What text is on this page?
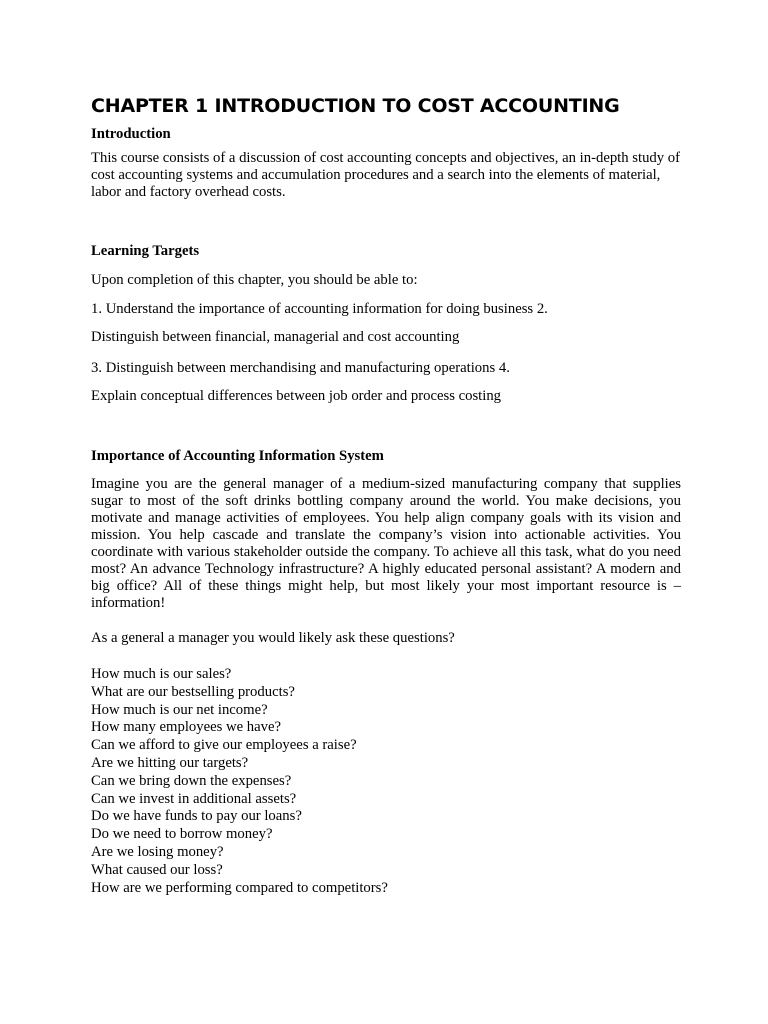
CHAPTER 1 INTRODUCTION TO COST ACCOUNTING

Introduction

This course consists of a discussion of cost accounting concepts and objectives, an in-depth study of cost accounting systems and accumulation procedures and a search into the elements of material, labor and factory overhead costs.

Learning Targets

Upon completion of this chapter, you should be able to:

1. Understand the importance of accounting information for doing business 2.

Distinguish between financial, managerial and cost accounting

3. Distinguish between merchandising and manufacturing operations 4.

Explain conceptual differences between job order and process costing

Importance of Accounting Information System

Imagine you are the general manager of a medium-sized manufacturing company that supplies sugar to most of the soft drinks bottling company around the world. You make decisions, you motivate and manage activities of employees. You help align company goals with its vision and mission. You help cascade and translate the company’s vision into actionable activities. You coordinate with various stakeholder outside the company. To achieve all this task, what do you need most? An advance Technology infrastructure? A highly educated personal assistant? A modern and big office? All of these things might help, but most likely your most important resource is – information!

As a general a manager you would likely ask these questions?

How much is our sales?
What are our bestselling products?
How much is our net income?
How many employees we have?
Can we afford to give our employees a raise?
Are we hitting our targets?
Can we bring down the expenses?
Can we invest in additional assets?
Do we have funds to pay our loans?
Do we need to borrow money?
Are we losing money?
What caused our loss?
How are we performing compared to competitors?
